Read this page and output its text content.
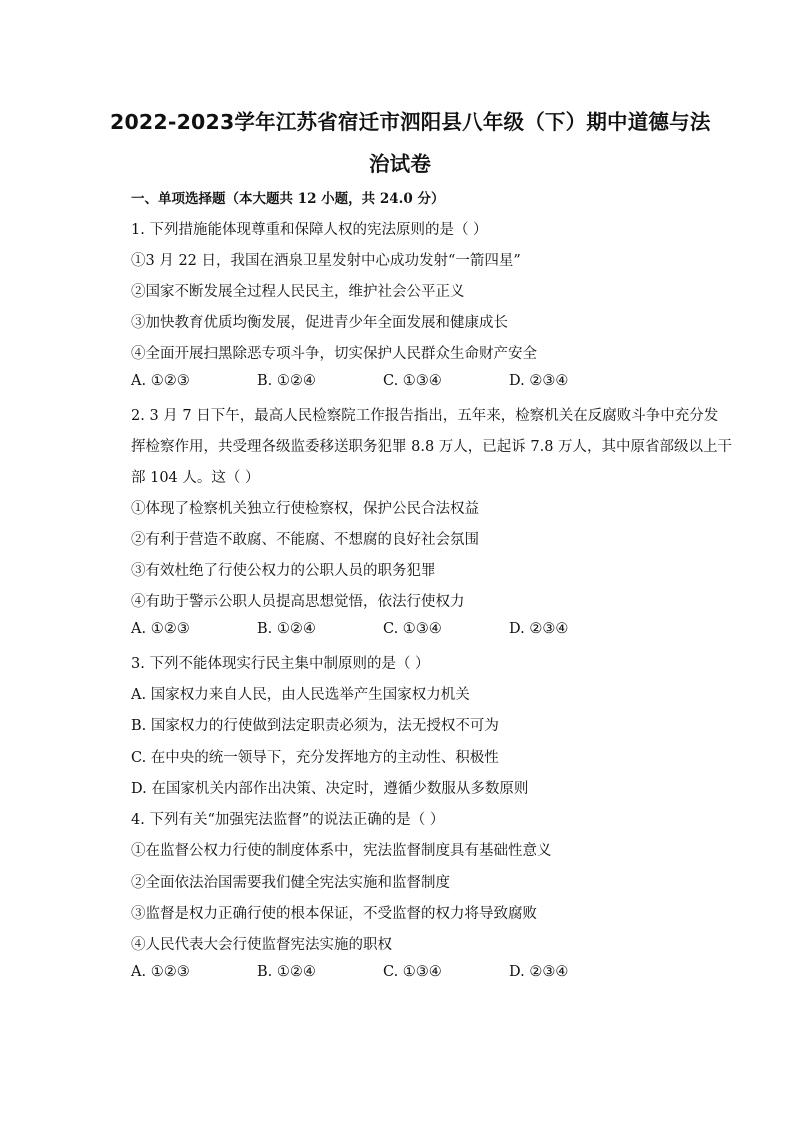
2022-2023学年江苏省宿迁市泗阳县八年级（下）期中道德与法
治试卷
一、单项选择题（本大题共 12 小题，共 24.0 分）
1. 下列措施能体现尊重和保障人权的宪法原则的是（ ）
①3 月 22 日，我国在酒泉卫星发射中心成功发射“一箭四星”
②国家不断发展全过程人民民主，维护社会公平正义
③加快教育优质均衡发展，促进青少年全面发展和健康成长
④全面开展扫黑除恶专项斗争，切实保护人民群众生命财产安全
A. ①②③	B. ①②④	C. ①③④	D. ②③④
2. 3 月 7 日下午，最高人民检察院工作报告指出，五年来，检察机关在反腐败斗争中充分发
挥检察作用，共受理各级监委移送职务犯罪 8.8 万人，已起诉 7.8 万人，其中原省部级以上干
部 104 人。这（ ）
①体现了检察机关独立行使检察权，保护公民合法权益
②有利于营造不敢腐、不能腐、不想腐的良好社会氛围
③有效杜绝了行使公权力的公职人员的职务犯罪
④有助于警示公职人员提高思想觉悟，依法行使权力
A. ①②③	B. ①②④	C. ①③④	D. ②③④
3. 下列不能体现实行民主集中制原则的是（ ）
A. 国家权力来自人民，由人民选举产生国家权力机关
B. 国家权力的行使做到法定职责必须为，法无授权不可为
C. 在中央的统一领导下，充分发挥地方的主动性、积极性
D. 在国家机关内部作出决策、决定时，遵循少数服从多数原则
4. 下列有关“加强宪法监督”的说法正确的是（ ）
①在监督公权力行使的制度体系中，宪法监督制度具有基础性意义
②全面依法治国需要我们健全宪法实施和监督制度
③监督是权力正确行使的根本保证，不受监督的权力将导致腐败
④人民代表大会行使监督宪法实施的职权
A. ①②③	B. ①②④	C. ①③④	D. ②③④
